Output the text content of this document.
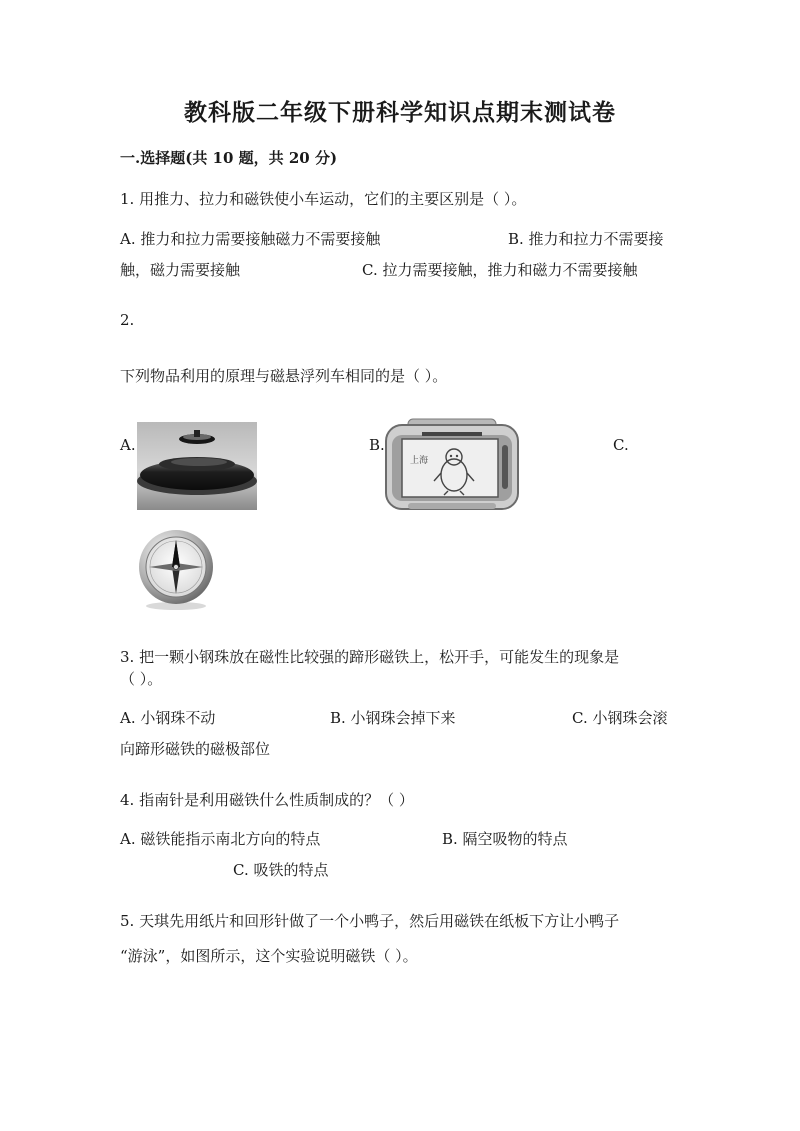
教科版二年级下册科学知识点期末测试卷
一.选择题(共 10 题，共 20 分)
1. 用推力、拉力和磁铁使小车运动，它们的主要区别是（ ）。
A. 推力和拉力需要接触磁力不需要接触	B. 推力和拉力不需要接
触，磁力需要接触	C. 拉力需要接触，推力和磁力不需要接触
2.
下列物品利用的原理与磁悬浮列车相同的是（ ）。
A.	B.
上海
C.
3. 把一颗小钢珠放在磁性比较强的蹄形磁铁上，松开手，可能发生的现象是
（ ）。
A. 小钢珠不动	B. 小钢珠会掉下来	C. 小钢珠会滚
向蹄形磁铁的磁极部位
4. 指南针是利用磁铁什么性质制成的？（ ）
A. 磁铁能指示南北方向的特点	B. 隔空吸物的特点
C. 吸铁的特点
5. 天琪先用纸片和回形针做了一个小鸭子，然后用磁铁在纸板下方让小鸭子
“游泳”，如图所示，这个实验说明磁铁（ ）。
